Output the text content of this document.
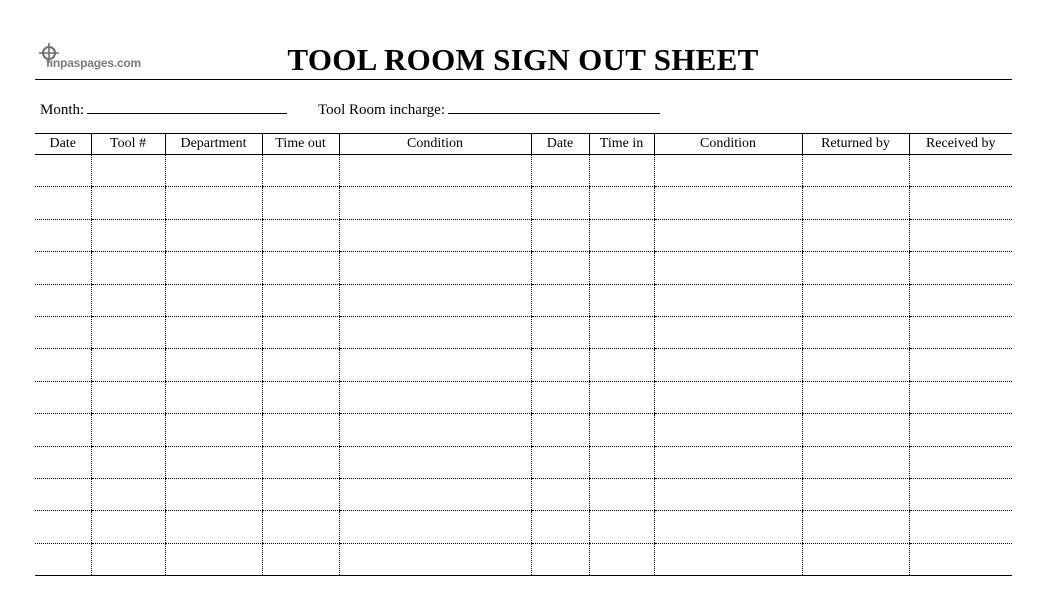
finpaspages.com	TOOL ROOM SIGN OUT SHEET
Month:	Tool Room incharge:
Date	Tool #	Department	Time out	Condition	Date	Time in	Condition	Returned by	Received by
